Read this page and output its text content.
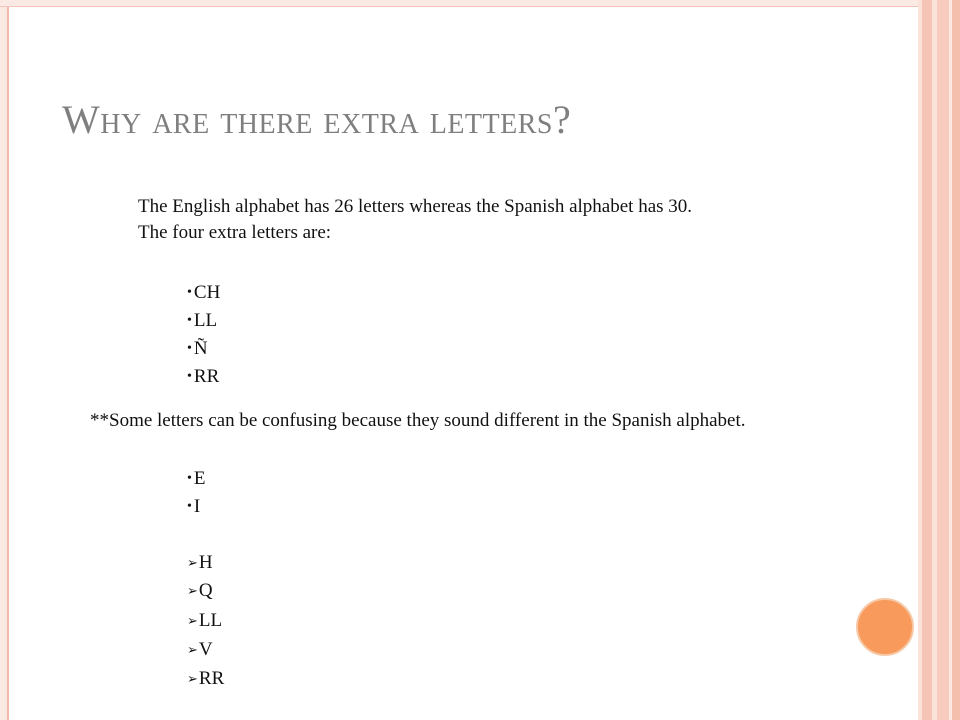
Why are there extra letters?
The English alphabet has 26 letters whereas the Spanish alphabet has 30. The four extra letters are:
• CH
• LL
• Ñ
• RR
**Some letters can be confusing because they sound different in the Spanish alphabet.
• E
• I
➢H
➢Q
➢LL
➢V
➢RR
